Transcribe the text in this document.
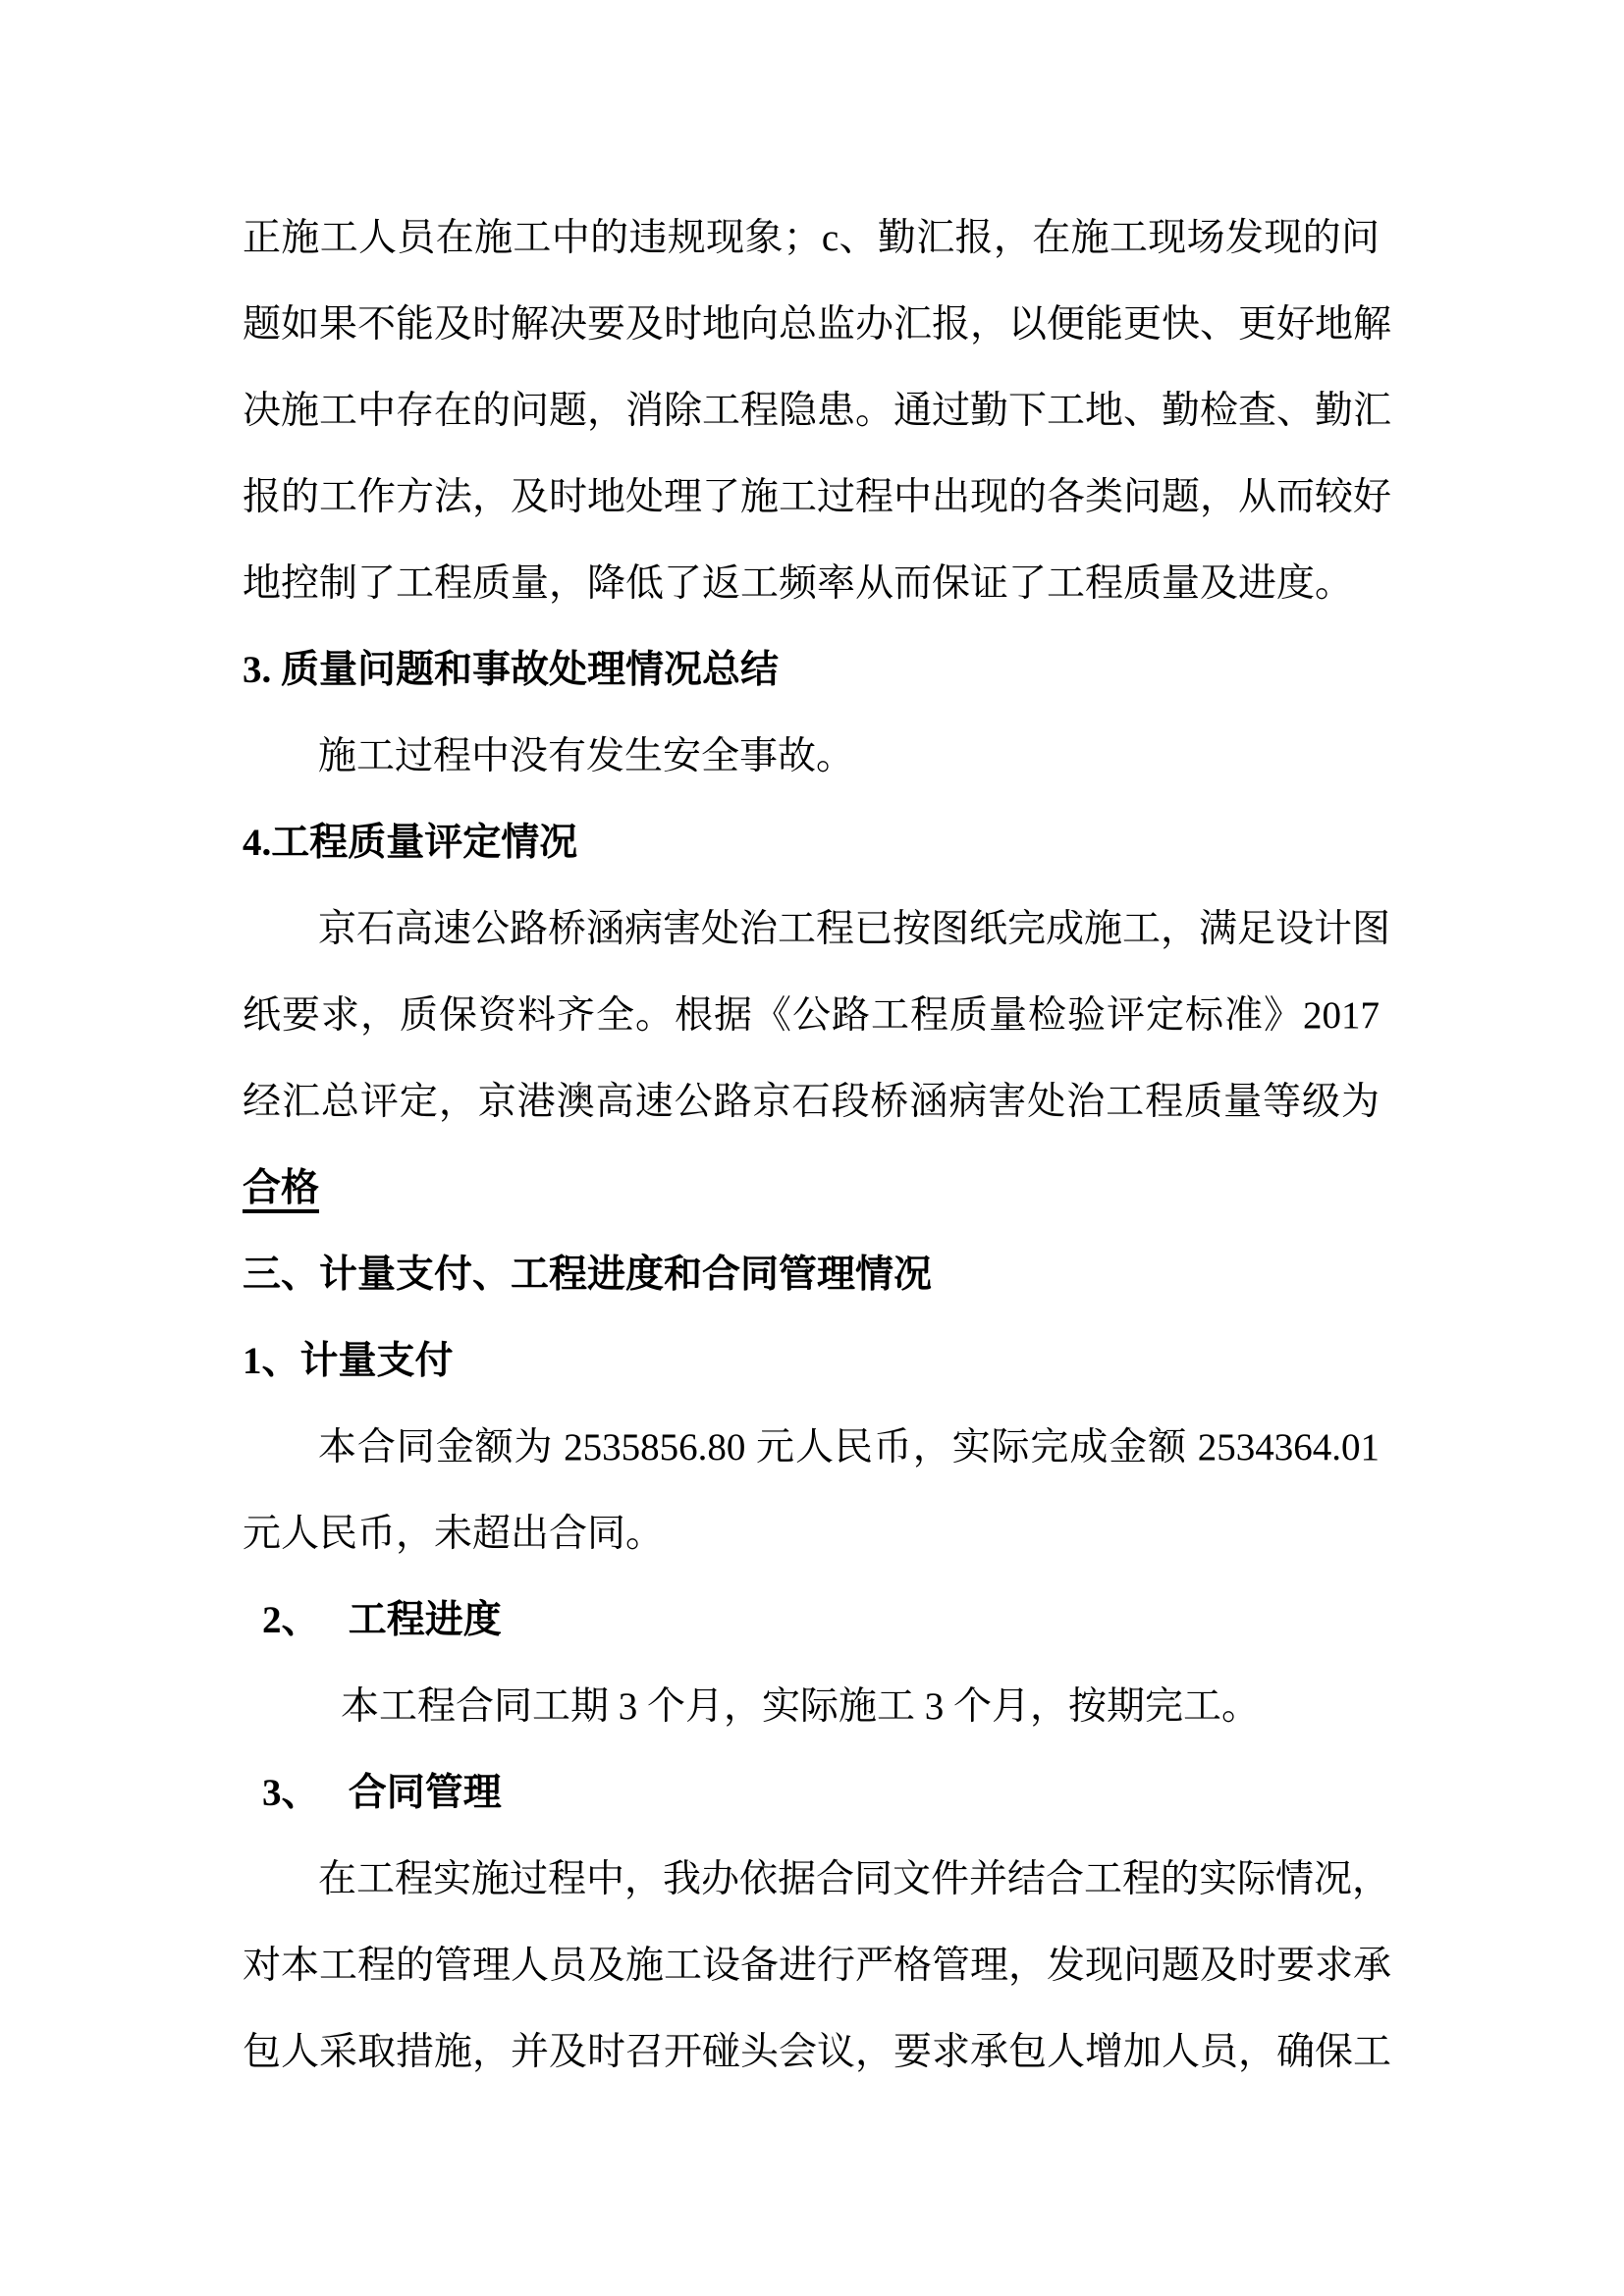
正施工人员在施工中的违规现象；c、勤汇报，在施工现场发现的问
题如果不能及时解决要及时地向总监办汇报，以便能更快、更好地解
决施工中存在的问题，消除工程隐患。通过勤下工地、勤检查、勤汇
报的工作方法，及时地处理了施工过程中出现的各类问题，从而较好
地控制了工程质量，降低了返工频率从而保证了工程质量及进度。
3. 质量问题和事故处理情况总结
施工过程中没有发生安全事故。
4.工程质量评定情况
京石高速公路桥涵病害处治工程已按图纸完成施工，满足设计图
纸要求，质保资料齐全。根据《公路工程质量检验评定标准》2017
经汇总评定，京港澳高速公路京石段桥涵病害处治工程质量等级为
合格
三、计量支付、工程进度和合同管理情况
1、计量支付
本合同金额为 2535856.80 元人民币，实际完成金额 2534364.01
元人民币，未超出合同。
2、　 工程进度
本工程合同工期 3 个月，实际施工 3 个月，按期完工。
3、　 合同管理
在工程实施过程中，我办依据合同文件并结合工程的实际情况，
对本工程的管理人员及施工设备进行严格管理，发现问题及时要求承
包人采取措施，并及时召开碰头会议，要求承包人增加人员，确保工
